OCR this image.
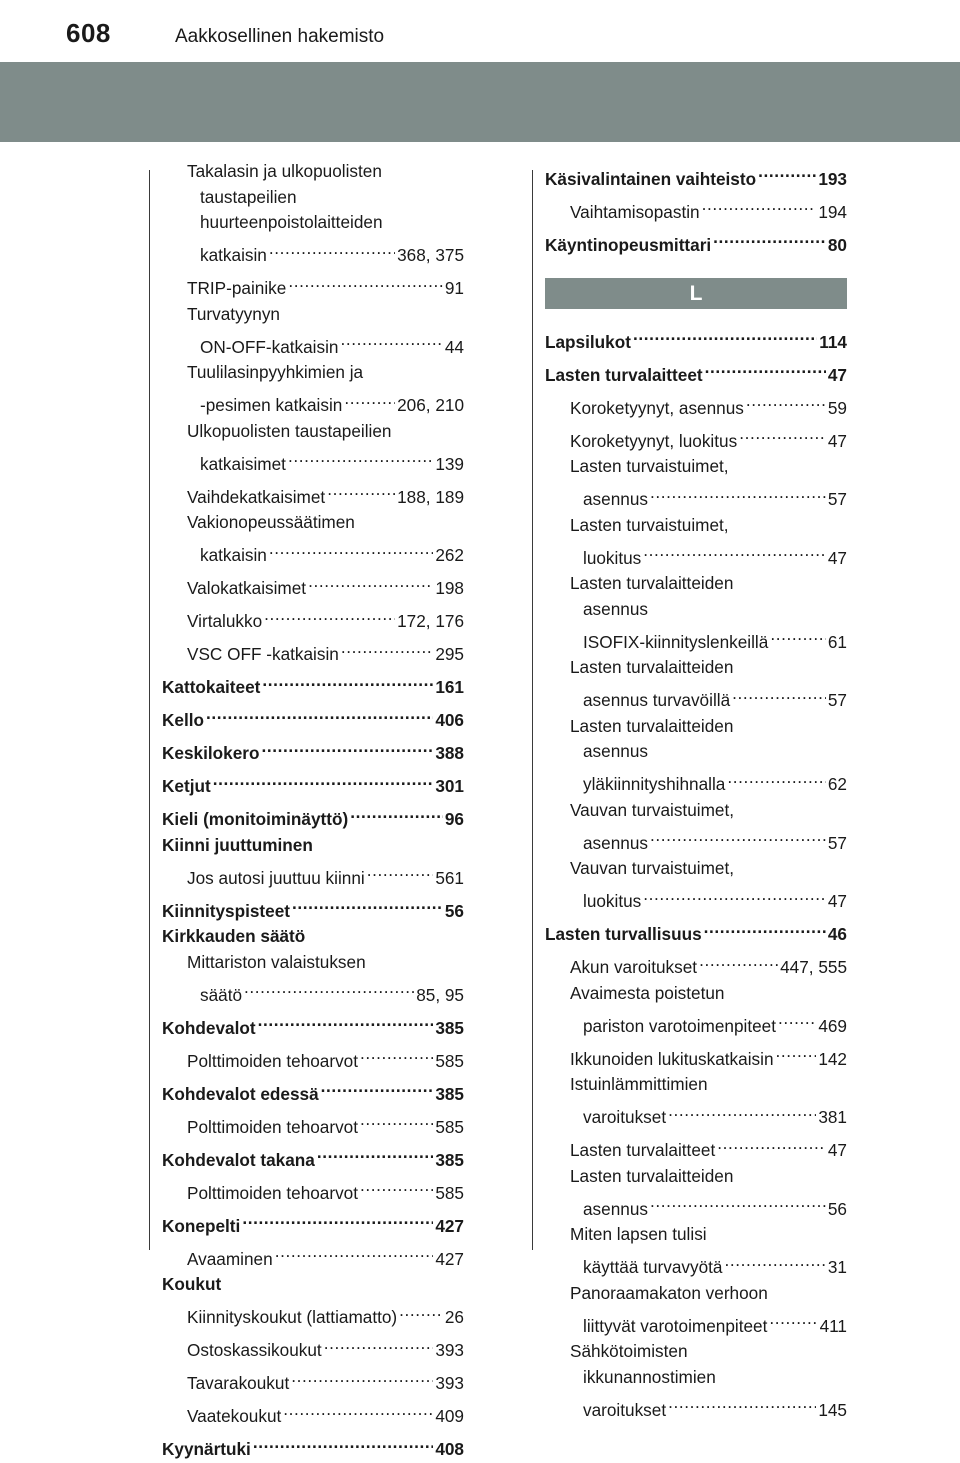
608	Aakkosellinen hakemisto
Takalasin ja ulkopuolisten
taustapeilien
huurteenpoistolaitteiden
katkaisin .....	368, 375
TRIP-painike .....	91
Turvatyynyn
ON-OFF-katkaisin .....	44
Tuulilasinpyyhkimien ja
-pesimen katkaisin .....	206, 210
Ulkopuolisten taustapeilien
katkaisimet .....	139
Vaihdekatkaisimet .....	188, 189
Vakionopeussäätimen
katkaisin .....	262
Valokatkaisimet .....	198
Virtalukko .....	172, 176
VSC OFF -katkaisin .....	295
Kattokaiteet .....	161
Kello .....	406
Keskilokero .....	388
Ketjut .....	301
Kieli (monitoiminäyttö) .....	96
Kiinni juuttuminen
Jos autosi juuttuu kiinni .....	561
Kiinnityspisteet .....	56
Kirkkauden säätö
Mittariston valaistuksen
säätö .....	85, 95
Kohdevalot .....	385
Polttimoiden tehoarvot .....	585
Kohdevalot edessä .....	385
Polttimoiden tehoarvot .....	585
Kohdevalot takana .....	385
Polttimoiden tehoarvot .....	585
Konepelti .....	427
Avaaminen .....	427
Koukut
Kiinnityskoukut (lattiamatto) .....	26
Ostoskassikoukut .....	393
Tavarakoukut .....	393
Vaatekoukut .....	409
Kyynärtuki .....	408
Käsivalintainen vaihteisto .....	193
Vaihtamisopastin .....	194
Käyntinopeusmittari .....	80
L
Lapsilukot .....	114
Lasten turvalaitteet .....	47
Koroketyynyt, asennus .....	59
Koroketyynyt, luokitus .....	47
Lasten turvaistuimet,
asennus .....	57
Lasten turvaistuimet,
luokitus .....	47
Lasten turvalaitteiden
asennus
ISOFIX-kiinnityslenkeillä .....	61
Lasten turvalaitteiden
asennus turvavöillä .....	57
Lasten turvalaitteiden
asennus
yläkiinnityshihnalla .....	62
Vauvan turvaistuimet,
asennus .....	57
Vauvan turvaistuimet,
luokitus .....	47
Lasten turvallisuus .....	46
Akun varoitukset .....	447, 555
Avaimesta poistetun
pariston varotoimenpiteet ..... 469
Ikkunoiden lukituskatkaisin .....	142
Istuinlämmittimien
varoitukset .....	381
Lasten turvalaitteet .....	47
Lasten turvalaitteiden
asennus .....	56
Miten lapsen tulisi
käyttää turvavyötä .....	31
Panoraamakaton verhoon
liittyvät varotoimenpiteet .....	411
Sähkötoimisten
ikkunannostimien
varoitukset .....	145
